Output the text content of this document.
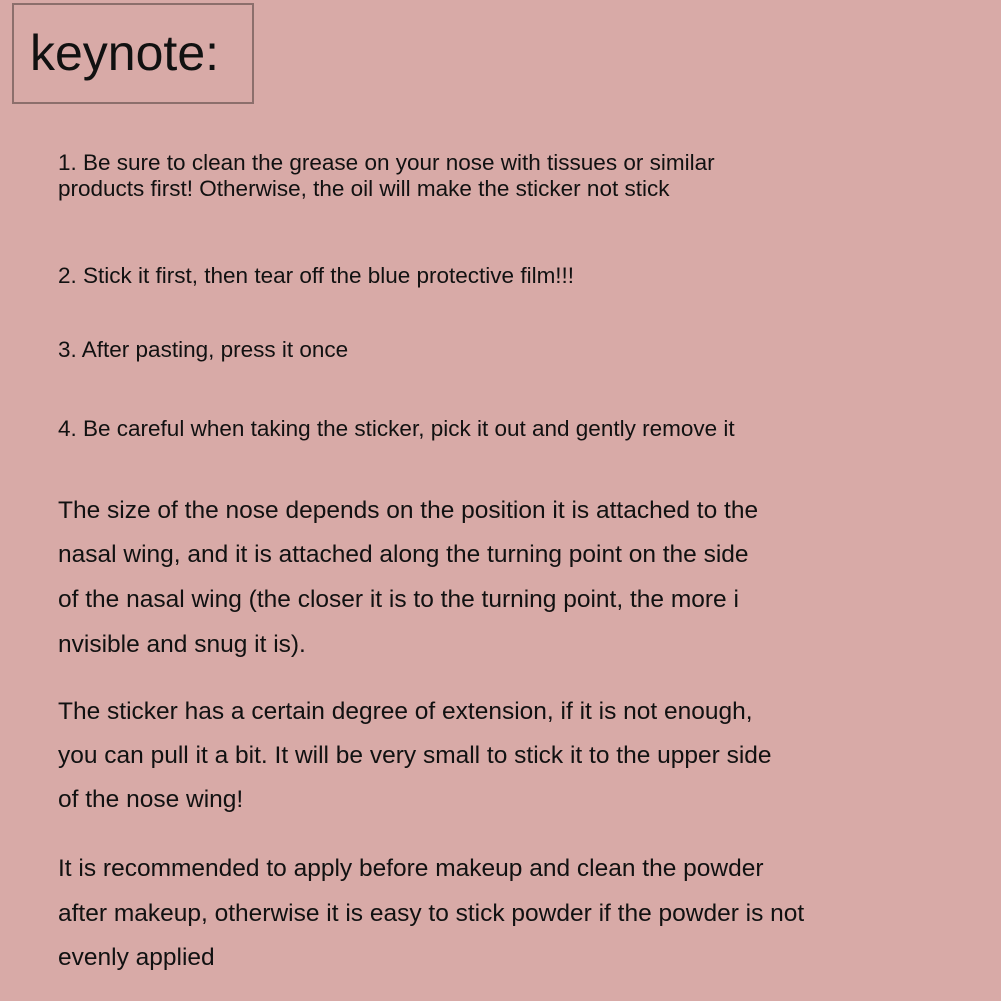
keynote:
1. Be sure to clean the grease on your nose with tissues or similar
products first! Otherwise, the oil will make the sticker not stick
2. Stick it first, then tear off the blue protective film!!!
3. After pasting, press it once
4. Be careful when taking the sticker, pick it out and gently remove it
The size of the nose depends on the position it is attached to the
nasal wing, and it is attached along the turning point on the side
of the nasal wing (the closer it is to the turning point, the more i
nvisible and snug it is).
The sticker has a certain degree of extension, if it is not enough,
you can pull it a bit. It will be very small to stick it to the upper side
of the nose wing!
It is recommended to apply before makeup and clean the powder
after makeup, otherwise it is easy to stick powder if the powder is not
evenly applied
